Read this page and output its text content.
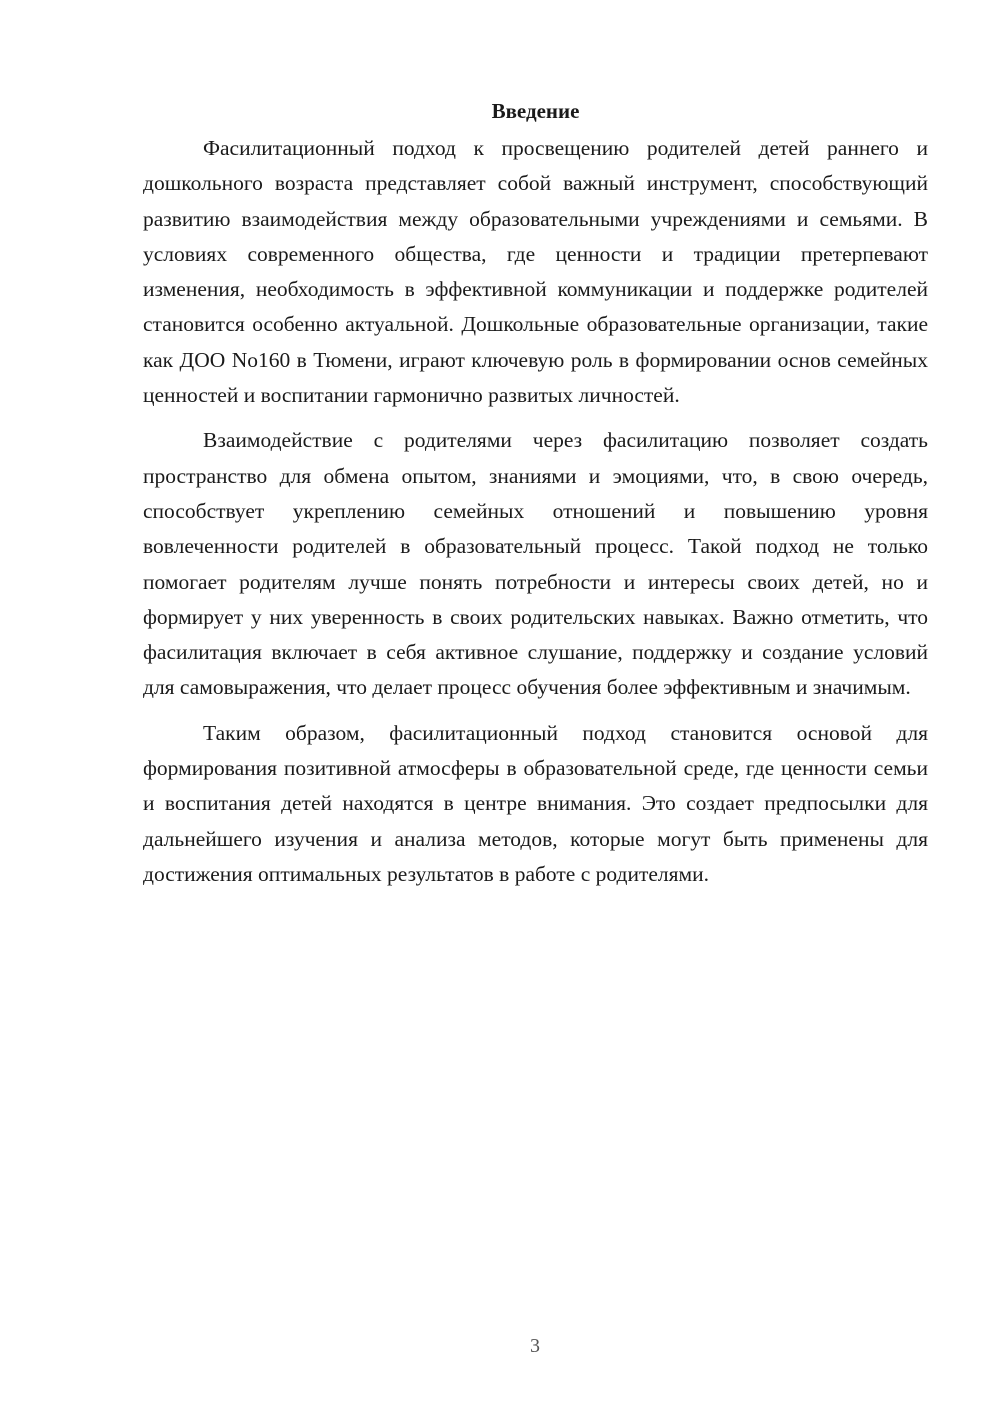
Введение

Фасилитационный подход к просвещению родителей детей раннего и дошкольного возраста представляет собой важный инструмент, способствующий развитию взаимодействия между образовательными учреждениями и семьями. В условиях современного общества, где ценности и традиции претерпевают изменения, необходимость в эффективной коммуникации и поддержке родителей становится особенно актуальной. Дошкольные образовательные организации, такие как ДОО No160 в Тюмени, играют ключевую роль в формировании основ семейных ценностей и воспитании гармонично развитых личностей.

Взаимодействие с родителями через фасилитацию позволяет создать пространство для обмена опытом, знаниями и эмоциями, что, в свою очередь, способствует укреплению семейных отношений и повышению уровня вовлеченности родителей в образовательный процесс. Такой подход не только помогает родителям лучше понять потребности и интересы своих детей, но и формирует у них уверенность в своих родительских навыках. Важно отметить, что фасилитация включает в себя активное слушание, поддержку и создание условий для самовыражения, что делает процесс обучения более эффективным и значимым.

Таким образом, фасилитационный подход становится основой для формирования позитивной атмосферы в образовательной среде, где ценности семьи и воспитания детей находятся в центре внимания. Это создает предпосылки для дальнейшего изучения и анализа методов, которые могут быть применены для достижения оптимальных результатов в работе с родителями.

3
